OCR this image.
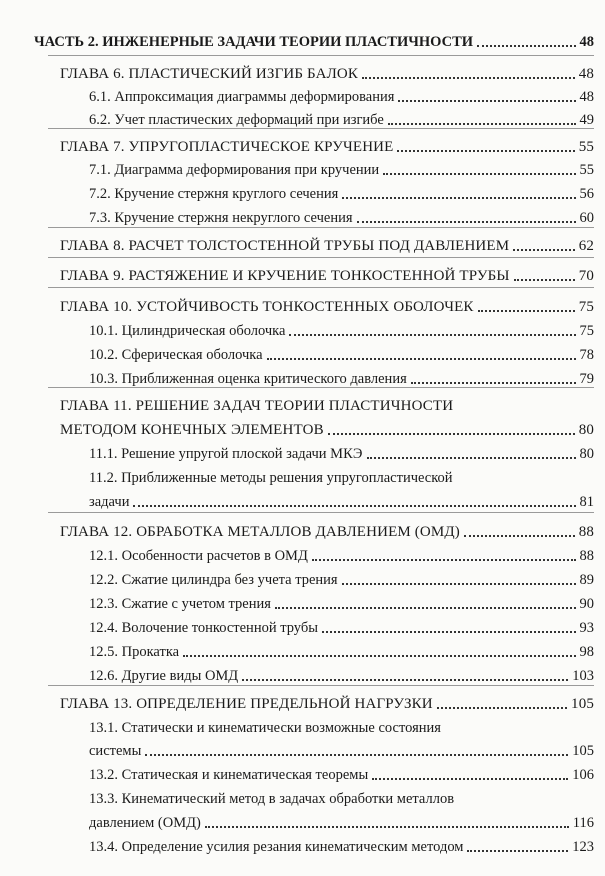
ЧАСТЬ 2. ИНЖЕНЕРНЫЕ ЗАДАЧИ ТЕОРИИ ПЛАСТИЧНОСТИ	48
ГЛАВА 6. ПЛАСТИЧЕСКИЙ ИЗГИБ БАЛОК	48
6.1. Аппроксимация диаграммы деформирования	48
6.2. Учет пластических деформаций при изгибе	49
ГЛАВА 7. УПРУГОПЛАСТИЧЕСКОЕ КРУЧЕНИЕ	55
7.1. Диаграмма деформирования при кручении	55
7.2. Кручение стержня круглого сечения	56
7.3. Кручение стержня некруглого сечения	60
ГЛАВА 8. РАСЧЕТ ТОЛСТОСТЕННОЙ ТРУБЫ ПОД ДАВЛЕНИЕМ	62
ГЛАВА 9. РАСТЯЖЕНИЕ И КРУЧЕНИЕ ТОНКОСТЕННОЙ ТРУБЫ	70
ГЛАВА 10. УСТОЙЧИВОСТЬ ТОНКОСТЕННЫХ ОБОЛОЧЕК	75
10.1. Цилиндрическая оболочка	75
10.2. Сферическая оболочка	78
10.3. Приближенная оценка критического давления	79
ГЛАВА 11. РЕШЕНИЕ ЗАДАЧ ТЕОРИИ ПЛАСТИЧНОСТИ
МЕТОДОМ КОНЕЧНЫХ ЭЛЕМЕНТОВ	80
11.1. Решение упругой плоской задачи МКЭ	80
11.2. Приближенные методы решения упругопластической
задачи	81
ГЛАВА 12. ОБРАБОТКА МЕТАЛЛОВ ДАВЛЕНИЕМ (ОМД)	88
12.1. Особенности расчетов в ОМД	88
12.2. Сжатие цилиндра без учета трения	89
12.3. Сжатие с учетом трения	90
12.4. Волочение тонкостенной трубы	93
12.5. Прокатка	98
12.6. Другие виды ОМД	103
ГЛАВА 13. ОПРЕДЕЛЕНИЕ ПРЕДЕЛЬНОЙ НАГРУЗКИ	105
13.1. Статически и кинематически возможные состояния
системы	105
13.2. Статическая и кинематическая теоремы	106
13.3. Кинематический метод в задачах обработки металлов
давлением (ОМД)	116
13.4. Определение усилия резания кинематическим методом	123
